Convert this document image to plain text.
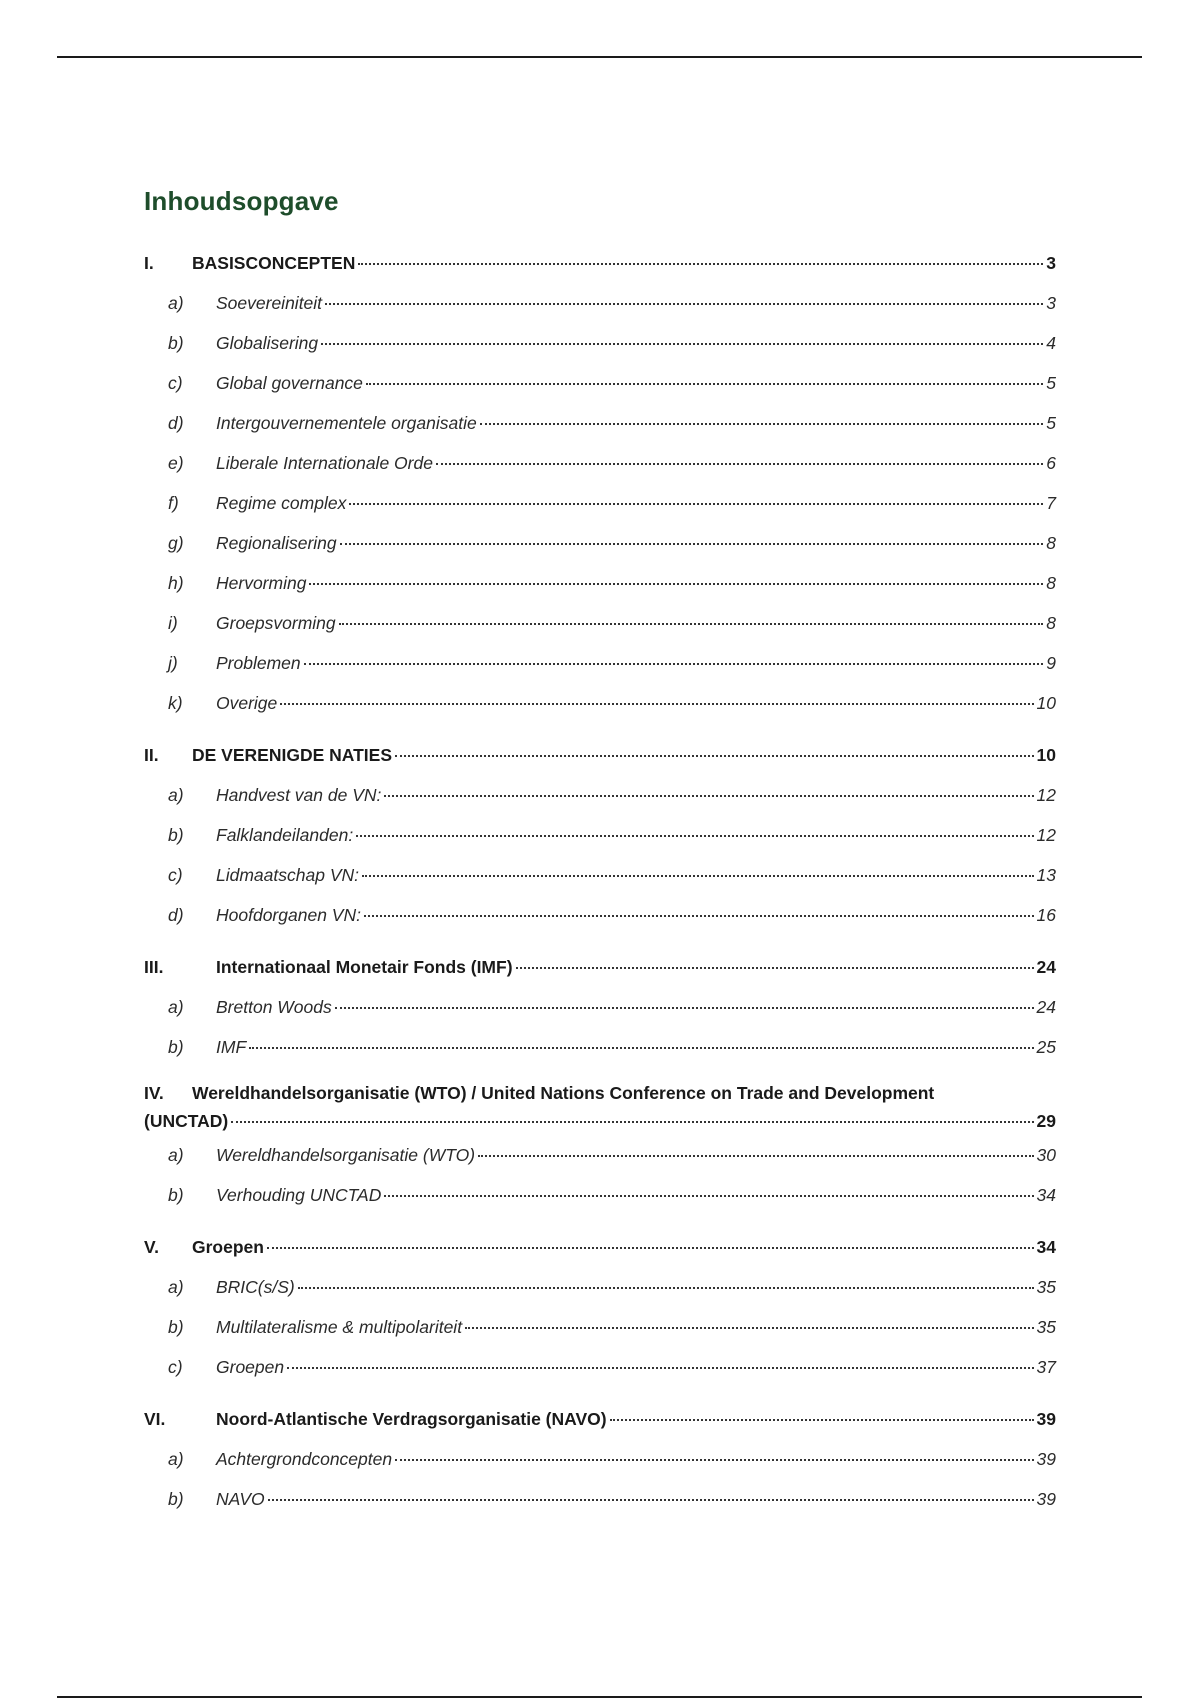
Inhoudsopgave
I.	BASISCONCEPTEN	3
a)	Soevereiniteit	3
b)	Globalisering	4
c)	Global governance	5
d)	Intergouvernementele organisatie	5
e)	Liberale Internationale Orde	6
f)	Regime complex	7
g)	Regionalisering	8
h)	Hervorming	8
i)	Groepsvorming	8
j)	Problemen	9
k)	Overige	10
II.	DE VERENIGDE NATIES	10
a)	Handvest van de VN:	12
b)	Falklandeilanden:	12
c)	Lidmaatschap VN:	13
d)	Hoofdorganen VN:	16
III.	Internationaal Monetair Fonds (IMF)	24
a)	Bretton Woods	24
b)	IMF	25
IV.	Wereldhandelsorganisatie (WTO) / United Nations Conference on Trade and Development
(UNCTAD)	29
a)	Wereldhandelsorganisatie (WTO)	30
b)	Verhouding UNCTAD	34
V.	Groepen	34
a)	BRIC(s/S)	35
b)	Multilateralisme & multipolariteit	35
c)	Groepen	37
VI.	Noord-Atlantische Verdragsorganisatie (NAVO)	39
a)	Achtergrondconcepten	39
b)	NAVO	39
